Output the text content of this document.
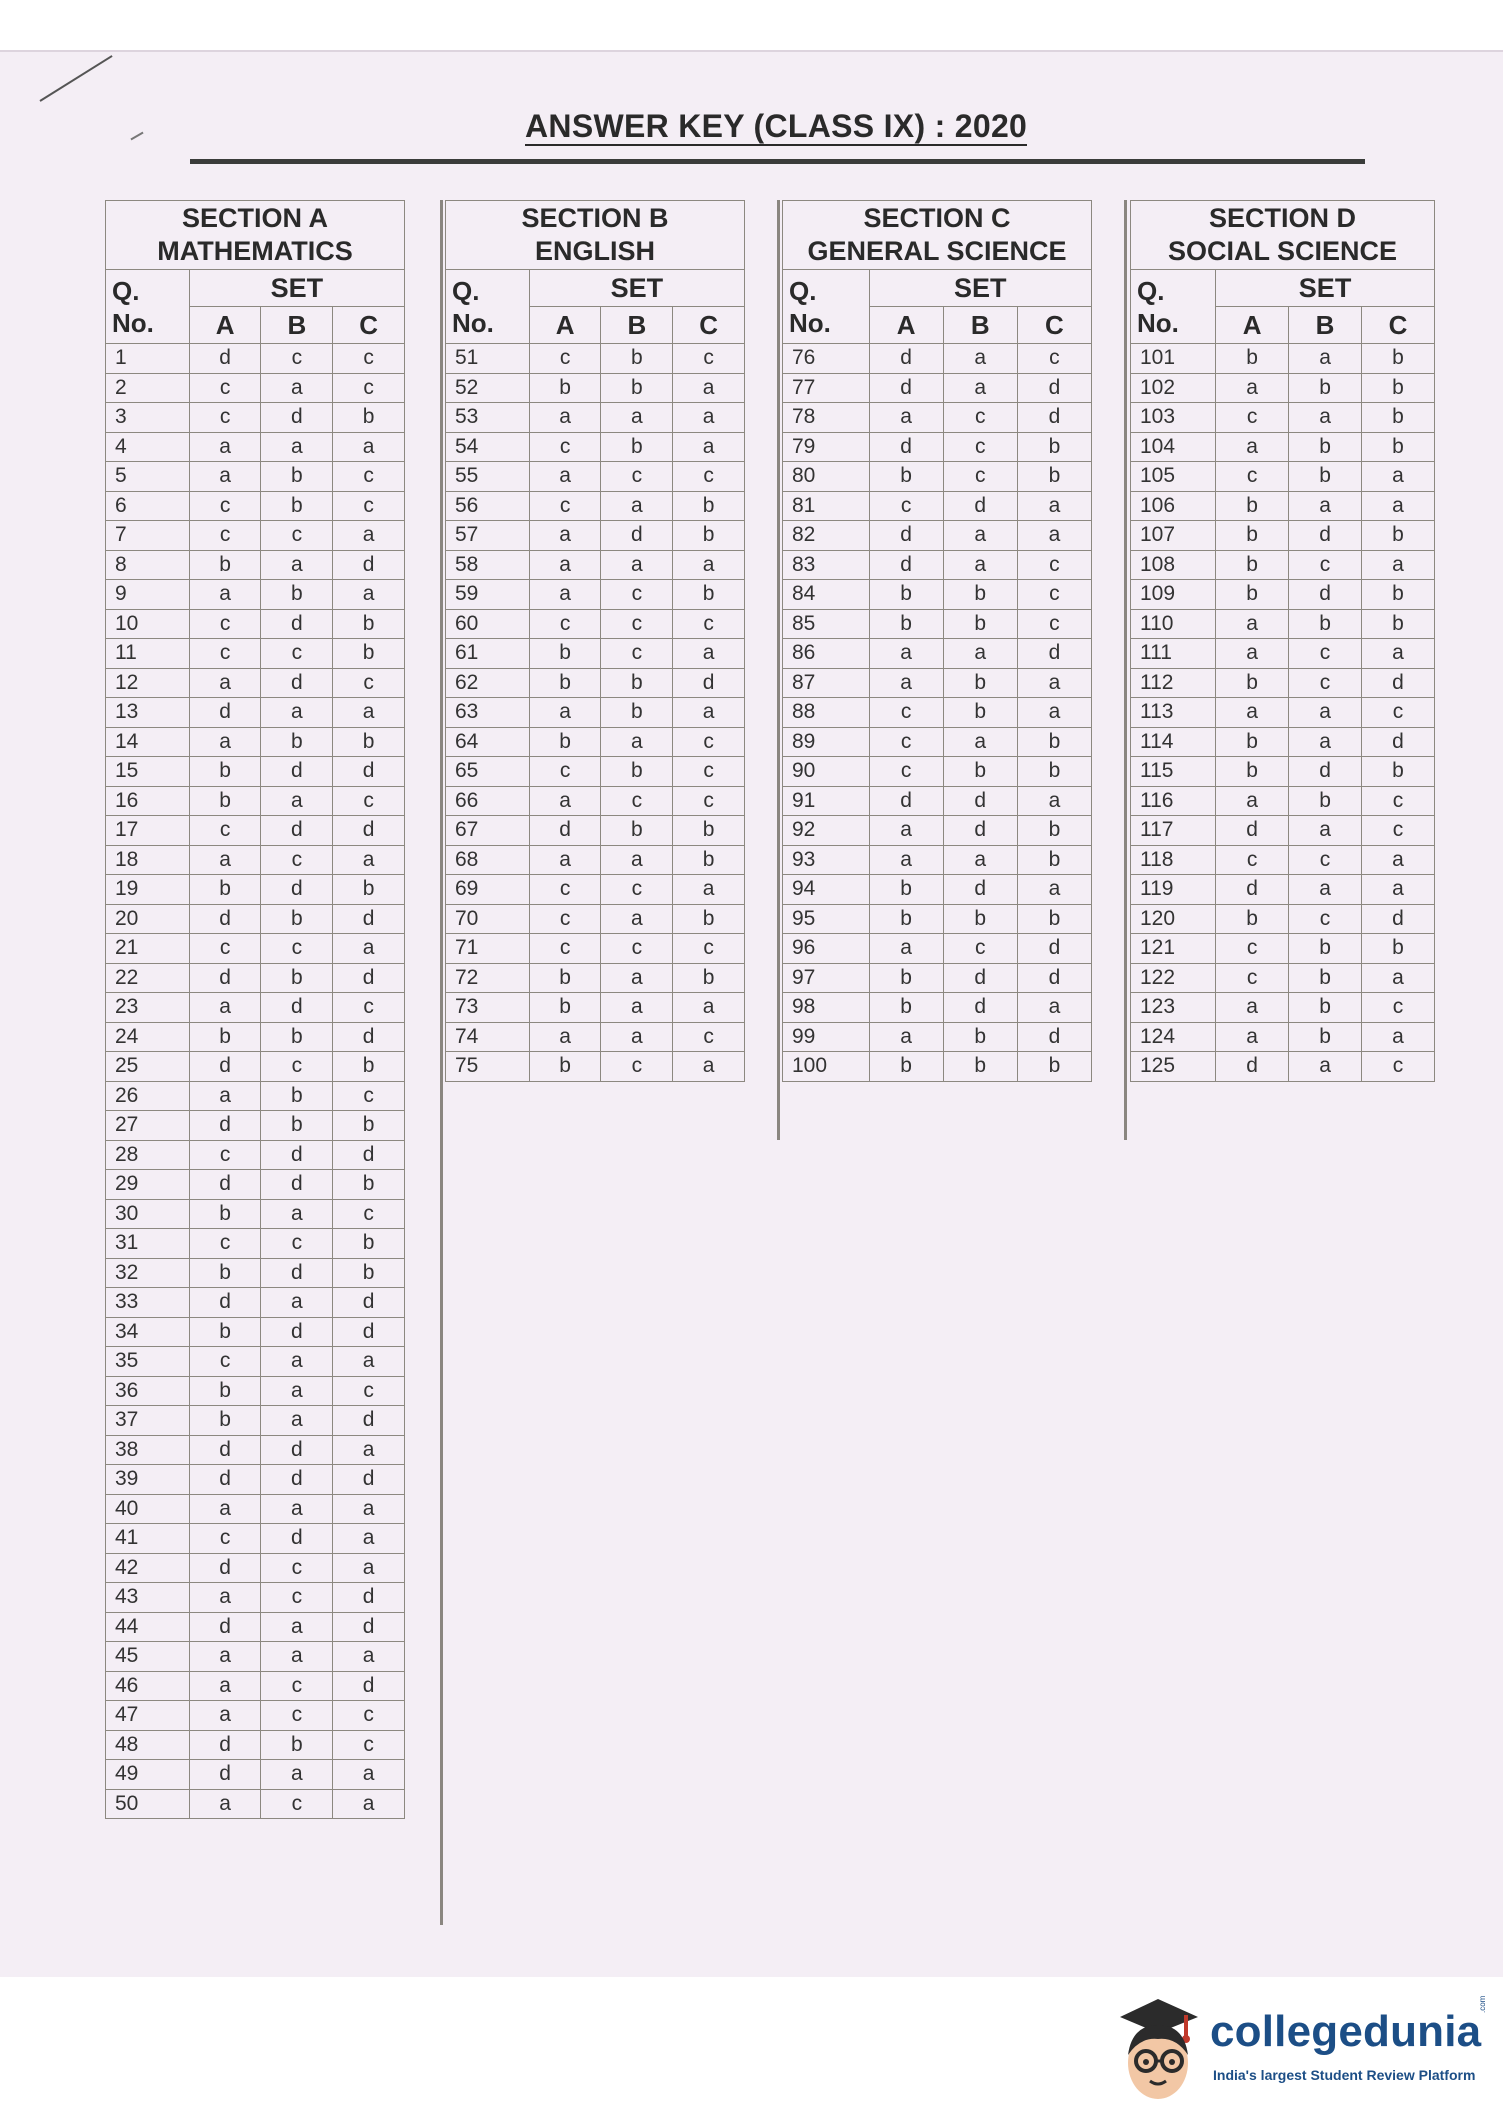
ANSWER KEY (CLASS IX) : 2020
SECTION A
MATHEMATICS			

Q.
No.	SET		
	A	B	C
1	d	c	c
2	c	a	c
3	c	d	b
4	a	a	a
5	a	b	c
6	c	b	c
7	c	c	a
8	b	a	d
9	a	b	a
10	c	d	b
11	c	c	b
12	a	d	c
13	d	a	a
14	a	b	b
15	b	d	d
16	b	a	c
17	c	d	d
18	a	c	a
19	b	d	b
20	d	b	d
21	c	c	a
22	d	b	d
23	a	d	c
24	b	b	d
25	d	c	b
26	a	b	c
27	d	b	b
28	c	d	d
29	d	d	b
30	b	a	c
31	c	c	b
32	b	d	b
33	d	a	d
34	b	d	d
35	c	a	a
36	b	a	c
37	b	a	d
38	d	d	a
39	d	d	d
40	a	a	a
41	c	d	a
42	d	c	a
43	a	c	d
44	d	a	d
45	a	a	a
46	a	c	d
47	a	c	c
48	d	b	c
49	d	a	a
50	a	c	a
SECTION B
ENGLISH			

Q.
No.	SET		
	A	B	C
51	c	b	c
52	b	b	a
53	a	a	a
54	c	b	a
55	a	c	c
56	c	a	b
57	a	d	b
58	a	a	a
59	a	c	b
60	c	c	c
61	b	c	a
62	b	b	d
63	a	b	a
64	b	a	c
65	c	b	c
66	a	c	c
67	d	b	b
68	a	a	b
69	c	c	a
70	c	a	b
71	c	c	c
72	b	a	b
73	b	a	a
74	a	a	c
75	b	c	a
SECTION C
GENERAL SCIENCE			

Q.
No.	SET		
	A	B	C
76	d	a	c
77	d	a	d
78	a	c	d
79	d	c	b
80	b	c	b
81	c	d	a
82	d	a	a
83	d	a	c
84	b	b	c
85	b	b	c
86	a	a	d
87	a	b	a
88	c	b	a
89	c	a	b
90	c	b	b
91	d	d	a
92	a	d	b
93	a	a	b
94	b	d	a
95	b	b	b
96	a	c	d
97	b	d	d
98	b	d	a
99	a	b	d
100	b	b	b
SECTION D
SOCIAL SCIENCE			

Q.
No.	SET		
	A	B	C
101	b	a	b
102	a	b	b
103	c	a	b
104	a	b	b
105	c	b	a
106	b	a	a
107	b	d	b
108	b	c	a
109	b	d	b
110	a	b	b
111	a	c	a
112	b	c	d
113	a	a	c
114	b	a	d
115	b	d	b
116	a	b	c
117	d	a	c
118	c	c	a
119	d	a	a
120	b	c	d
121	c	b	b
122	c	b	a
123	a	b	c
124	a	b	a
125	d	a	c
collegedunia
.com
India's largest Student Review Platform
